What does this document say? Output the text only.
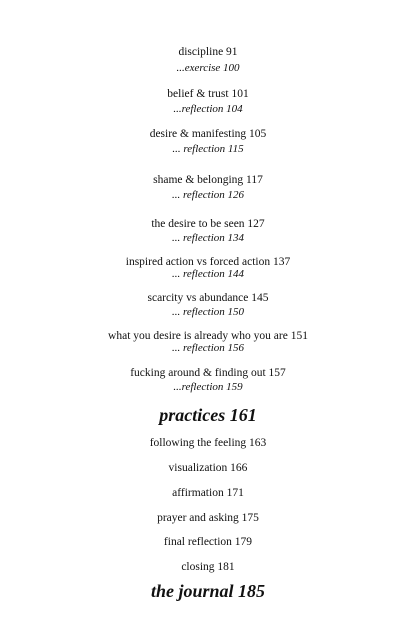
discipline 91
...exercise 100
belief & trust 101
...reflection 104
desire & manifesting 105
... reflection 115
shame & belonging 117
... reflection 126
the desire to be seen 127
... reflection 134
inspired action vs forced action 137
... reflection 144
scarcity vs abundance 145
... reflection 150
what you desire is already who you are 151
... reflection 156
fucking around & finding out 157
...reflection 159
practices 161
following the feeling 163
visualization 166
affirmation 171
prayer and asking 175
final reflection 179
closing 181
the journal 185
